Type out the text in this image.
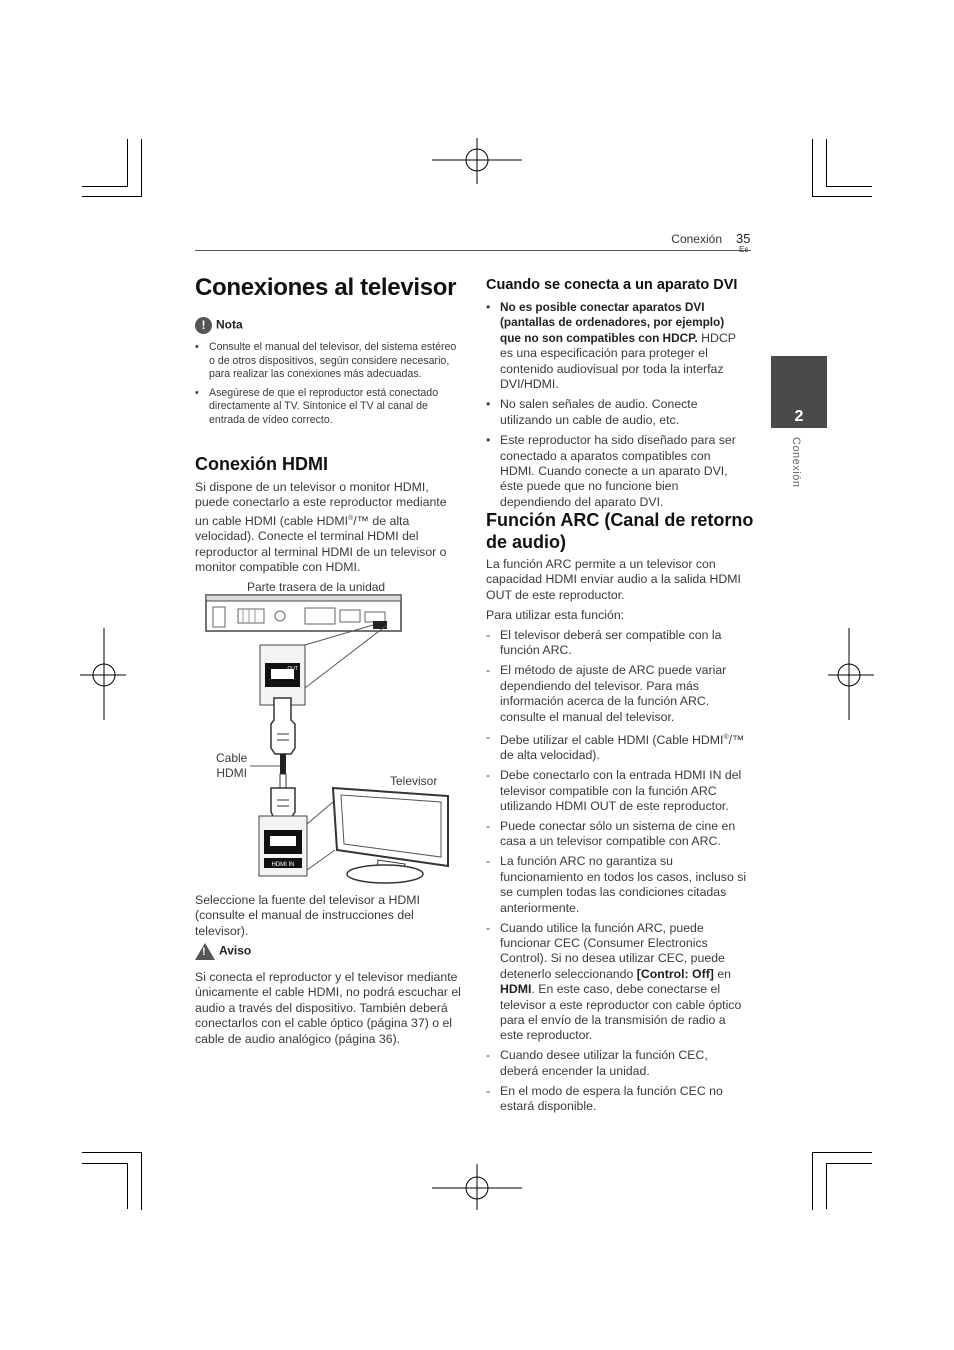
Conexión 35
2
Conexión
Conexiones al televisor
! Nota
• Consulte el manual del televisor, del sistema estéreo o de otros dispositivos, según considere necesario, para realizar las conexiones más adecuadas.
• Asegúrese de que el reproductor está conectado directamente al TV. Sintonice el TV al canal de entrada de vídeo correcto.
Conexión HDMI

Si dispone de un televisor o monitor HDMI, puede conectarlo a este reproductor mediante un cable HDMI (cable HDMI®/™ de alta velocidad). Conecte el terminal HDMI del reproductor al terminal HDMI de un televisor o monitor compatible con HDMI.

Parte trasera de la unidad
OUT
HDMI IN
Cable
HDMI
Televisor

Seleccione la fuente del televisor a HDMI (consulte el manual de instrucciones del televisor).

! Aviso

Si conecta el reproductor y el televisor mediante únicamente el cable HDMI, no podrá escuchar el audio a través del dispositivo. También deberá conectarlos con el cable óptico (página 37) o el cable de audio analógico (página 36).

Cuando se conecta a un aparato DVI
• No es posible conectar aparatos DVI (pantallas de ordenadores, por ejemplo) que no son compatibles con HDCP. HDCP es una especificación para proteger el contenido audiovisual por toda la interfaz DVI/HDMI.
• No salen señales de audio. Conecte utilizando un cable de audio, etc.
• Este reproductor ha sido diseñado para ser conectado a aparatos compatibles con HDMI. Cuando conecte a un aparato DVI, éste puede que no funcione bien dependiendo del aparato DVI.
Función ARC (Canal de retorno
de audio)

La función ARC permite a un televisor con capacidad HDMI enviar audio a la salida HDMI OUT de este reproductor.

Para utilizar esta función:

- El televisor deberá ser compatible con la función ARC.
- El método de ajuste de ARC puede variar dependiendo del televisor. Para más información acerca de la función ARC. consulte el manual del televisor.
- Debe utilizar el cable HDMI (Cable HDMI®/™ de alta velocidad).
- Debe conectarlo con la entrada HDMI IN del televisor compatible con la función ARC utilizando HDMI OUT de este reproductor.
- Puede conectar sólo un sistema de cine en casa a un televisor compatible con ARC.
- La función ARC no garantiza su funcionamiento en todos los casos, incluso si se cumplen todas las condiciones citadas anteriormente.
- Cuando utilice la función ARC, puede funcionar CEC (Consumer Electronics Control). Si no desea utilizar CEC, puede detenerlo seleccionando [Control: Off] en HDMI. En este caso, debe conectarse el televisor a este reproductor con cable óptico para el envío de la transmisión de radio a este reproductor.
- Cuando desee utilizar la función CEC, deberá encender la unidad.
- En el modo de espera la función CEC no estará disponible.
